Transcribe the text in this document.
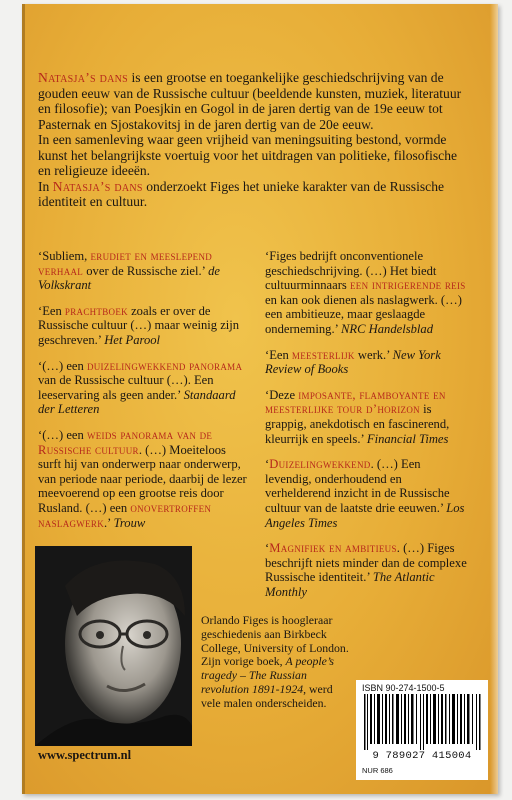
Natasja’s dans is een grootse en toegankelijke geschiedschrijving van de gouden eeuw van de Russische cultuur (beeldende kunsten, muziek, literatuur en filosofie); van Poesjkin en Gogol in de jaren dertig van de 19e eeuw tot Pasternak en Sjostakovitsj in de jaren dertig van de 20e eeuw.

In een samenleving waar geen vrijheid van meningsuiting bestond, vormde kunst het belangrijkste voertuig voor het uitdragen van politieke, filosofische en religieuze ideeën.

In Natasja’s dans onderzoekt Figes het unieke karakter van de Russische identiteit en cultuur.

‘Subliem, erudiet en meeslepend verhaal over de Russische ziel.’ de Volkskrant

‘Een prachtboek zoals er over de Russische cultuur (…) maar weinig zijn geschreven.’ Het Parool

‘(…) een duizelingwekkend panorama van de Russische cultuur (…). Een leeservaring als geen ander.’ Standaard der Letteren

‘(…) een weids panorama van de Russische cultuur. (…) Moeiteloos surft hij van onderwerp naar onderwerp, van periode naar periode, daarbij de lezer meevoerend op een grootse reis door Rusland. (…) een onovertroffen naslagwerk.’ Trouw

‘Figes bedrijft onconventionele geschiedschrijving. (…) Het biedt cultuurminnaars een intrigerende reis en kan ook dienen als naslagwerk. (…) een ambitieuze, maar geslaagde onderneming.’ NRC Handelsblad

‘Een meesterlijk werk.’ New York Review of Books

‘Deze imposante, flamboyante en meesterlijke tour d’horizon is grappig, anekdotisch en fascinerend, kleurrijk en speels.’ Financial Times

‘Duizelingwekkend. (…) Een levendig, onderhoudend en verhelderend inzicht in de Russische cultuur van de laatste drie eeuwen.’ Los Angeles Times

‘Magnifiek en ambitieus. (…) Figes beschrijft niets minder dan de complexe Russische identiteit.’ The Atlantic Monthly

Orlando Figes is hoogleraar geschiedenis aan Birkbeck College, University of London. Zijn vorige boek, A people’s tragedy – The Russian revolution 1891-1924, werd vele malen onderscheiden.
ISBN 90-274-1500-5
9 789027 415004
NUR 686
www.spectrum.nl
